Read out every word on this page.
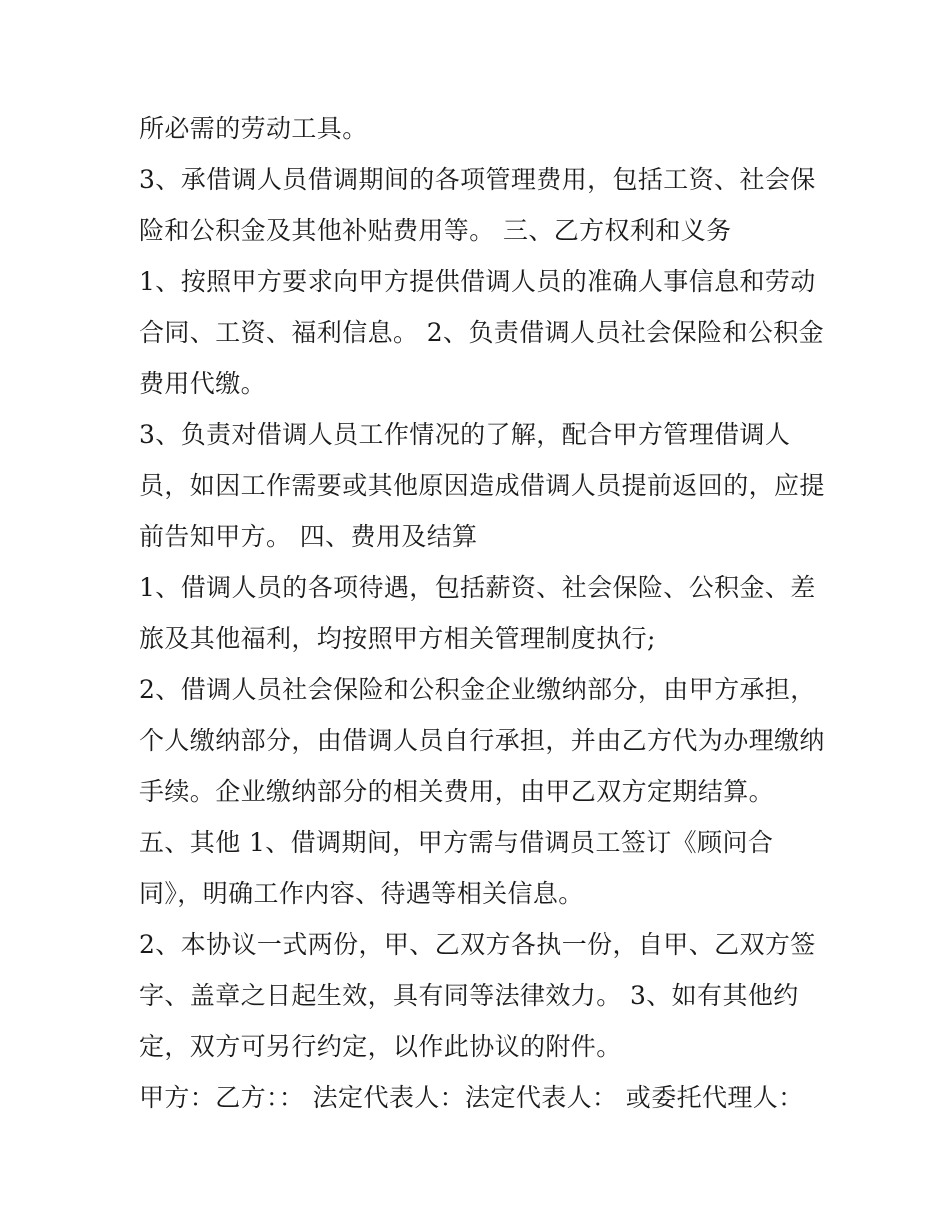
所必需的劳动工具。
3、承借调人员借调期间的各项管理费用，包括工资、社会保
险和公积金及其他补贴费用等。 三、乙方权利和义务
1、按照甲方要求向甲方提供借调人员的准确人事信息和劳动
合同、工资、福利信息。 2、负责借调人员社会保险和公积金
费用代缴。
3、负责对借调人员工作情况的了解，配合甲方管理借调人
员，如因工作需要或其他原因造成借调人员提前返回的，应提
前告知甲方。 四、费用及结算
1、借调人员的各项待遇，包括薪资、社会保险、公积金、差
旅及其他福利，均按照甲方相关管理制度执行;
2、借调人员社会保险和公积金企业缴纳部分，由甲方承担，
个人缴纳部分，由借调人员自行承担，并由乙方代为办理缴纳
手续。企业缴纳部分的相关费用，由甲乙双方定期结算。
五、其他 1、借调期间，甲方需与借调员工签订《顾问合
同》，明确工作内容、待遇等相关信息。
2、本协议一式两份，甲、乙双方各执一份，自甲、乙双方签
字、盖章之日起生效，具有同等法律效力。 3、如有其他约
定，双方可另行约定，以作此协议的附件。
甲方：乙方：： 法定代表人：法定代表人： 或委托代理人：
